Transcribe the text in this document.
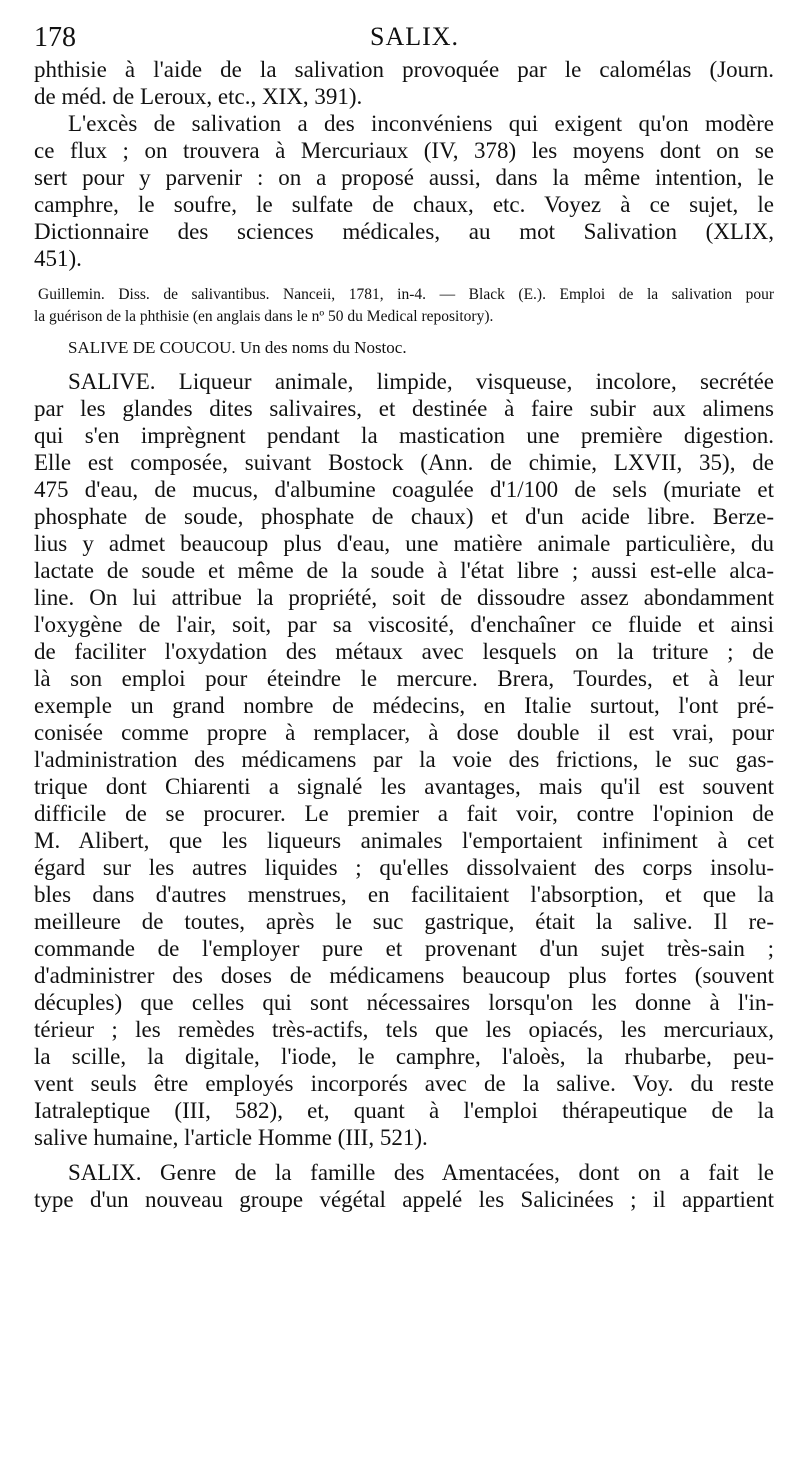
178	SALIX.
phthisie à l'aide de la salivation provoquée par le calomélas (Journ.
de méd. de Leroux, etc., XIX, 391).
L'excès de salivation a des inconvéniens qui exigent qu'on modère
ce flux ; on trouvera à Mercuriaux (IV, 378) les moyens dont on se
sert pour y parvenir : on a proposé aussi, dans la même intention, le
camphre, le soufre, le sulfate de chaux, etc. Voyez à ce sujet, le
Dictionnaire des sciences médicales, au mot Salivation (XLIX,
451).
Guillemin. Diss. de salivantibus. Nanceii, 1781, in-4. — Black (E.). Emploi de la salivation pour
la guérison de la phthisie (en anglais dans le nº 50 du Medical repository).
SALIVE DE COUCOU. Un des noms du Nostoc.
SALIVE. Liqueur animale, limpide, visqueuse, incolore, secrétée
par les glandes dites salivaires, et destinée à faire subir aux alimens
qui s'en imprègnent pendant la mastication une première digestion.
Elle est composée, suivant Bostock (Ann. de chimie, LXVII, 35), de
475 d'eau, de mucus, d'albumine coagulée d'1/100 de sels (muriate et
phosphate de soude, phosphate de chaux) et d'un acide libre. Berze-
lius y admet beaucoup plus d'eau, une matière animale particulière, du
lactate de soude et même de la soude à l'état libre ; aussi est-elle alca-
line. On lui attribue la propriété, soit de dissoudre assez abondamment
l'oxygène de l'air, soit, par sa viscosité, d'enchaîner ce fluide et ainsi
de faciliter l'oxydation des métaux avec lesquels on la triture ; de
là son emploi pour éteindre le mercure. Brera, Tourdes, et à leur
exemple un grand nombre de médecins, en Italie surtout, l'ont pré-
conisée comme propre à remplacer, à dose double il est vrai, pour
l'administration des médicamens par la voie des frictions, le suc gas-
trique dont Chiarenti a signalé les avantages, mais qu'il est souvent
difficile de se procurer. Le premier a fait voir, contre l'opinion de
M. Alibert, que les liqueurs animales l'emportaient infiniment à cet
égard sur les autres liquides ; qu'elles dissolvaient des corps insolu-
bles dans d'autres menstrues, en facilitaient l'absorption, et que la
meilleure de toutes, après le suc gastrique, était la salive. Il re-
commande de l'employer pure et provenant d'un sujet très-sain ;
d'administrer des doses de médicamens beaucoup plus fortes (souvent
décuples) que celles qui sont nécessaires lorsqu'on les donne à l'in-
térieur ; les remèdes très-actifs, tels que les opiacés, les mercuriaux,
la scille, la digitale, l'iode, le camphre, l'aloès, la rhubarbe, peu-
vent seuls être employés incorporés avec de la salive. Voy. du reste
Iatraleptique (III, 582), et, quant à l'emploi thérapeutique de la
salive humaine, l'article Homme (III, 521).
SALIX. Genre de la famille des Amentacées, dont on a fait le
type d'un nouveau groupe végétal appelé les Salicinées ; il appartient
